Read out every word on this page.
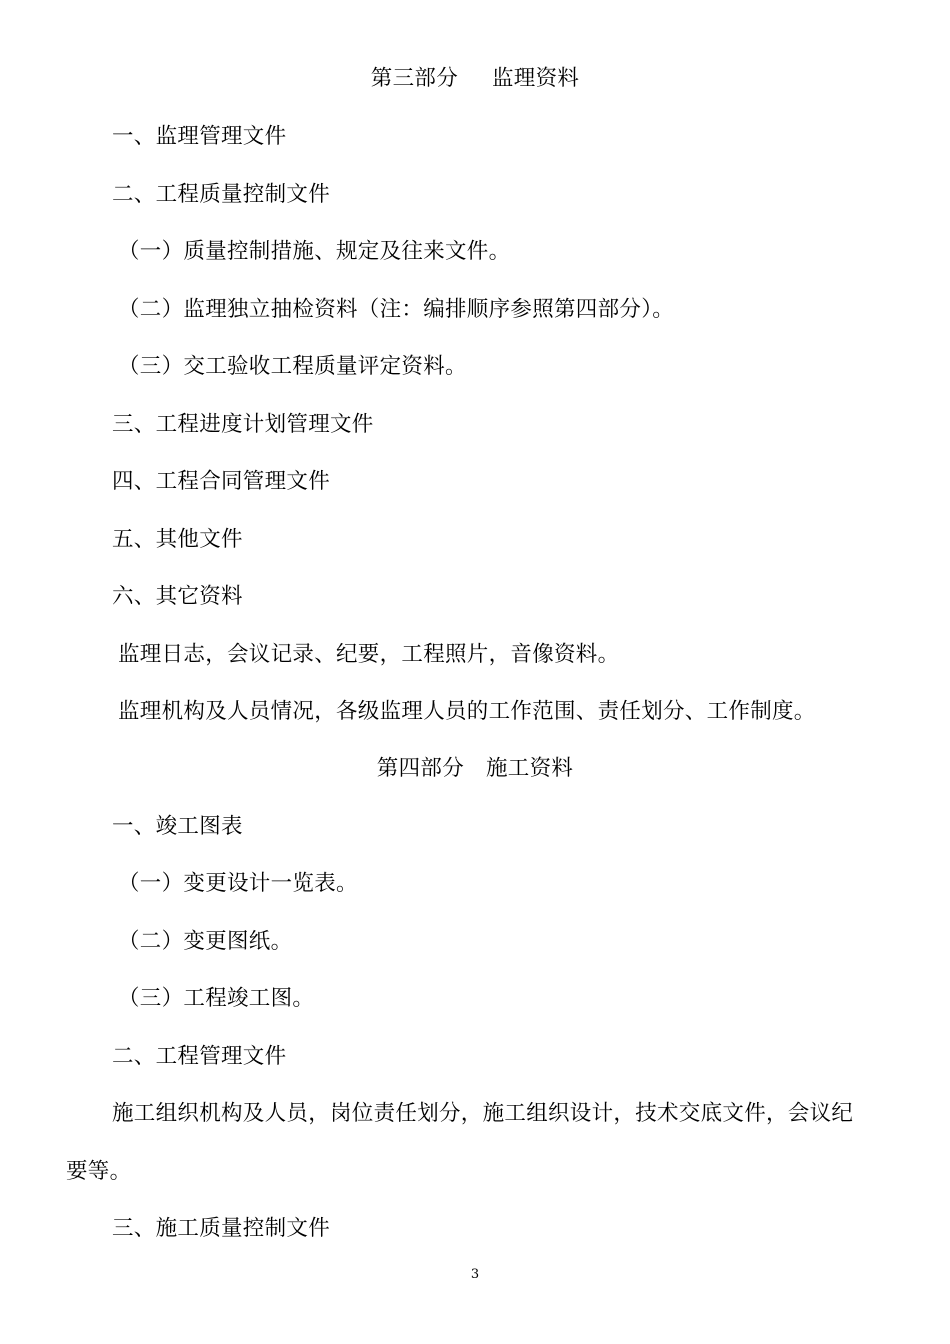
第三部分 监理资料
一、监理管理文件
二、工程质量控制文件
（一）质量控制措施、规定及往来文件。
（二）监理独立抽检资料（注：编排顺序参照第四部分）。
（三）交工验收工程质量评定资料。
三、工程进度计划管理文件
四、工程合同管理文件
五、其他文件
六、其它资料
监理日志，会议记录、纪要，工程照片，音像资料。
监理机构及人员情况，各级监理人员的工作范围、责任划分、工作制度。
第四部分 施工资料
一、竣工图表
（一）变更设计一览表。
（二）变更图纸。
（三）工程竣工图。
二、工程管理文件
施工组织机构及人员，岗位责任划分，施工组织设计，技术交底文件，会议纪
要等。
三、施工质量控制文件
3
